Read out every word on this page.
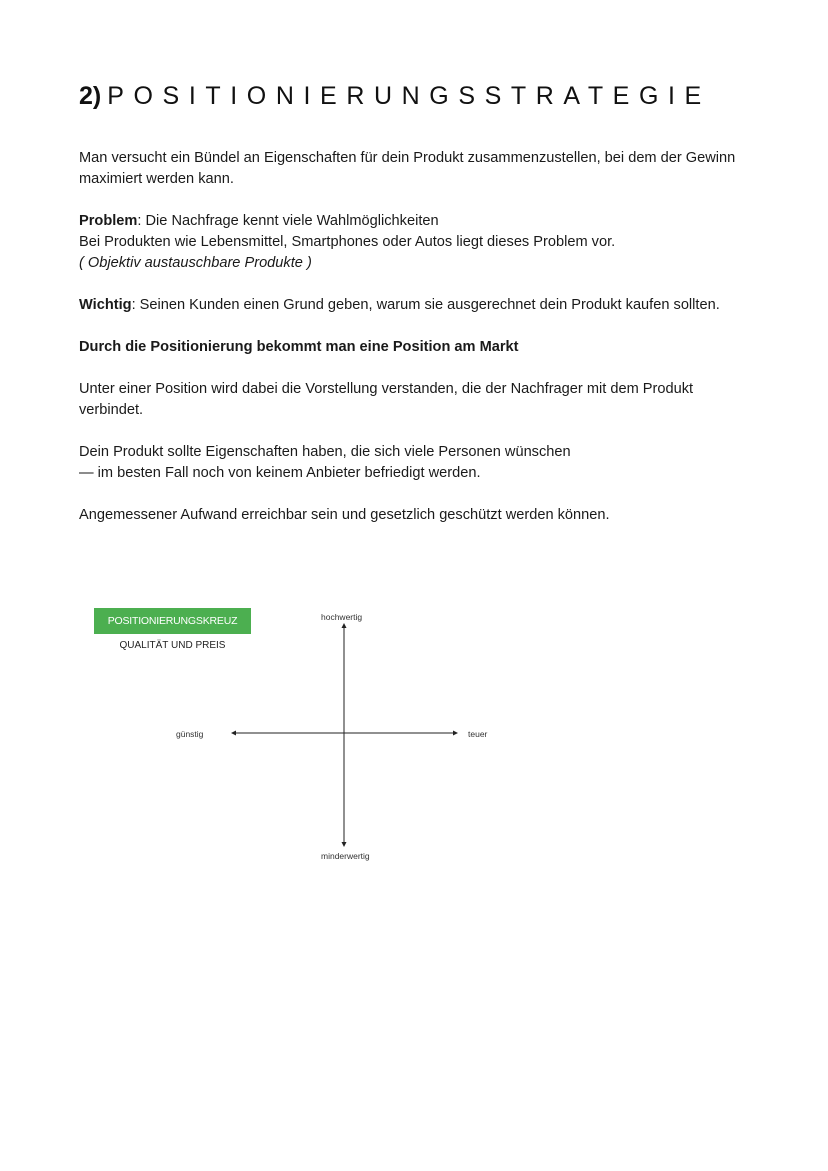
2) POSITIONIERUNGSSTRATEGIE

Man versucht ein Bündel an Eigenschaften für dein Produkt zusammenzustellen, bei dem der Gewinn maximiert werden kann.

Problem: Die Nachfrage kennt viele Wahlmöglichkeiten
Bei Produkten wie Lebensmittel, Smartphones oder Autos liegt dieses Problem vor.
( Objektiv austauschbare Produkte )

Wichtig: Seinen Kunden einen Grund geben, warum sie ausgerechnet dein Produkt kaufen sollten.

Durch die Positionierung bekommt man eine Position am Markt

Unter einer Position wird dabei die Vorstellung verstanden, die der Nachfrager mit dem Produkt verbindet.

Dein Produkt sollte Eigenschaften haben, die sich viele Personen wünschen
— im besten Fall noch von keinem Anbieter befriedigt werden.

Angemessener Aufwand erreichbar sein und gesetzlich geschützt werden können.

POSITIONIERUNGSKREUZ
QUALITÄT UND PREIS
hochwertig
minderwertig
günstig	teuer
